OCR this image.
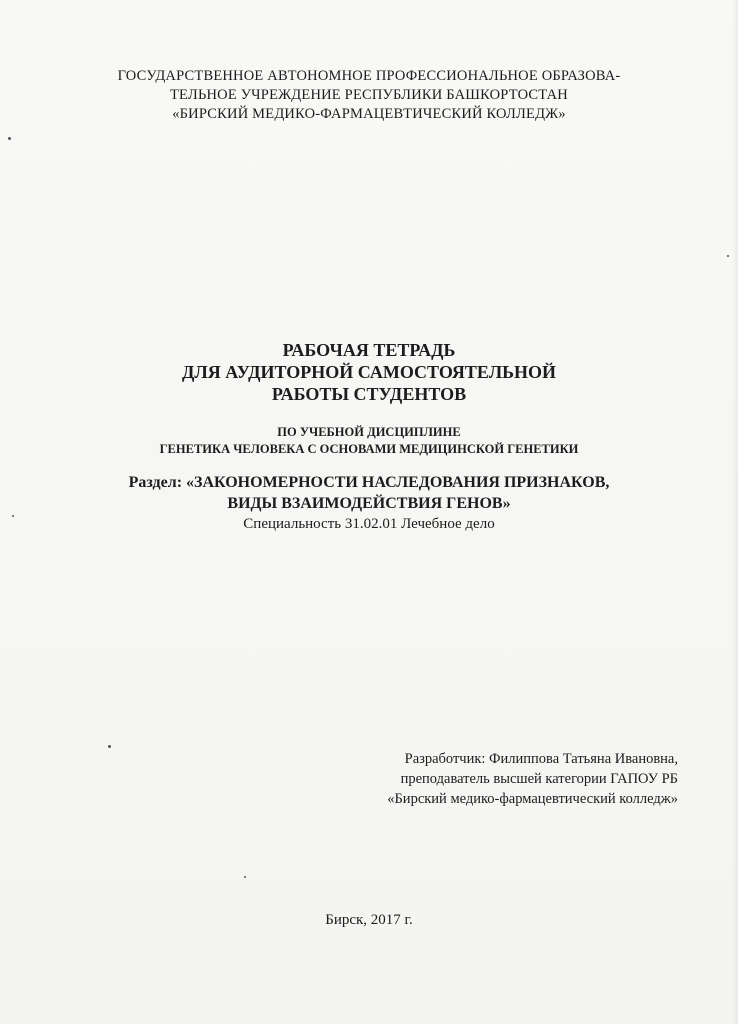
ГОСУДАРСТВЕННОЕ АВТОНОМНОЕ ПРОФЕССИОНАЛЬНОЕ ОБРАЗОВА-
ТЕЛЬНОЕ УЧРЕЖДЕНИЕ РЕСПУБЛИКИ БАШКОРТОСТАН
«БИРСКИЙ МЕДИКО-ФАРМАЦЕВТИЧЕСКИЙ КОЛЛЕДЖ»
РАБОЧАЯ ТЕТРАДЬ
ДЛЯ АУДИТОРНОЙ САМОСТОЯТЕЛЬНОЙ
РАБОТЫ СТУДЕНТОВ
ПО УЧЕБНОЙ ДИСЦИПЛИНЕ
ГЕНЕТИКА ЧЕЛОВЕКА С ОСНОВАМИ МЕДИЦИНСКОЙ ГЕНЕТИКИ
Раздел: «ЗАКОНОМЕРНОСТИ НАСЛЕДОВАНИЯ ПРИЗНАКОВ,
ВИДЫ ВЗАИМОДЕЙСТВИЯ ГЕНОВ»
Специальность 31.02.01 Лечебное дело
Разработчик: Филиппова Татьяна Ивановна,
преподаватель высшей категории ГАПОУ РБ
«Бирский медико-фармацевтический колледж»
Бирск, 2017 г.
